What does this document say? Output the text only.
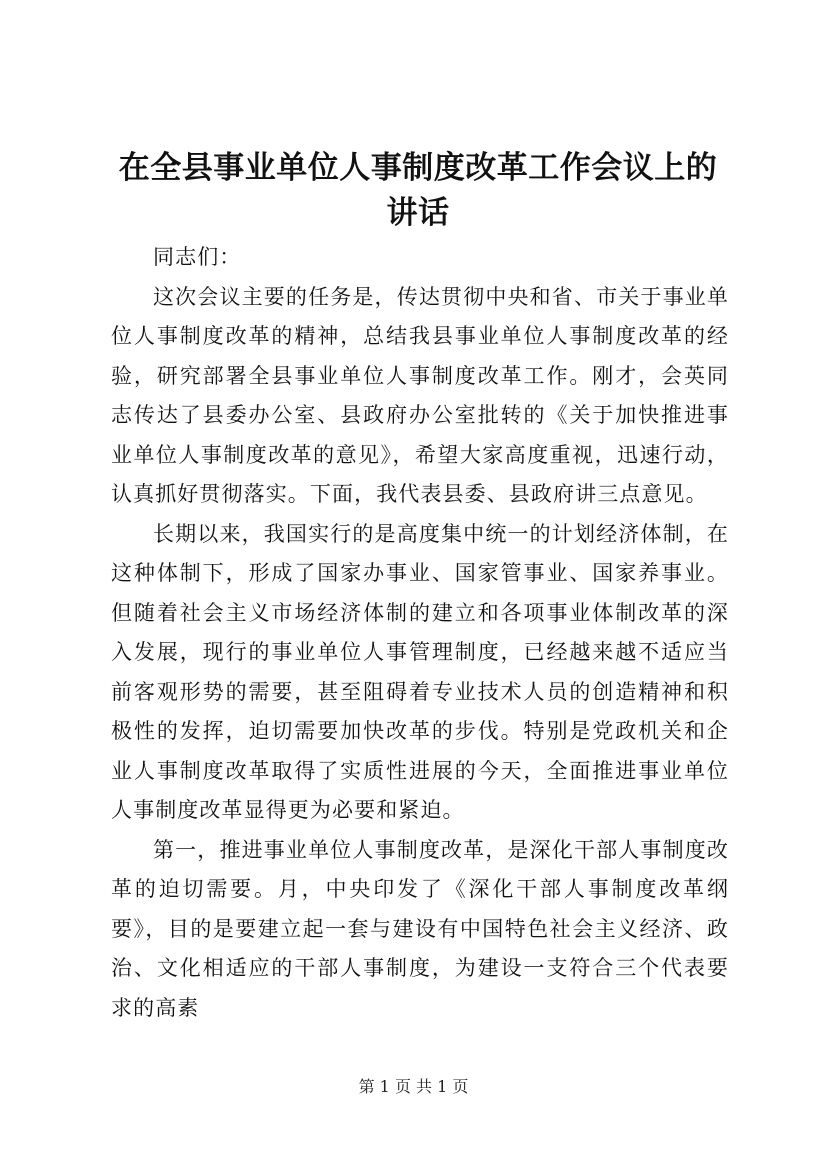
在全县事业单位人事制度改革工作会议上的讲话

同志们：

这次会议主要的任务是，传达贯彻中央和省、市关于事业单位人事制度改革的精神，总结我县事业单位人事制度改革的经验，研究部署全县事业单位人事制度改革工作。刚才，会英同志传达了县委办公室、县政府办公室批转的《关于加快推进事业单位人事制度改革的意见》，希望大家高度重视，迅速行动，认真抓好贯彻落实。下面，我代表县委、县政府讲三点意见。

长期以来，我国实行的是高度集中统一的计划经济体制，在这种体制下，形成了国家办事业、国家管事业、国家养事业。但随着社会主义市场经济体制的建立和各项事业体制改革的深入发展，现行的事业单位人事管理制度，已经越来越不适应当前客观形势的需要，甚至阻碍着专业技术人员的创造精神和积极性的发挥，迫切需要加快改革的步伐。特别是党政机关和企业人事制度改革取得了实质性进展的今天，全面推进事业单位人事制度改革显得更为必要和紧迫。

第一，推进事业单位人事制度改革，是深化干部人事制度改革的迫切需要。月，中央印发了《深化干部人事制度改革纲要》，目的是要建立起一套与建设有中国特色社会主义经济、政治、文化相适应的干部人事制度，为建设一支符合三个代表要求的高素

第 1 页 共 1 页
